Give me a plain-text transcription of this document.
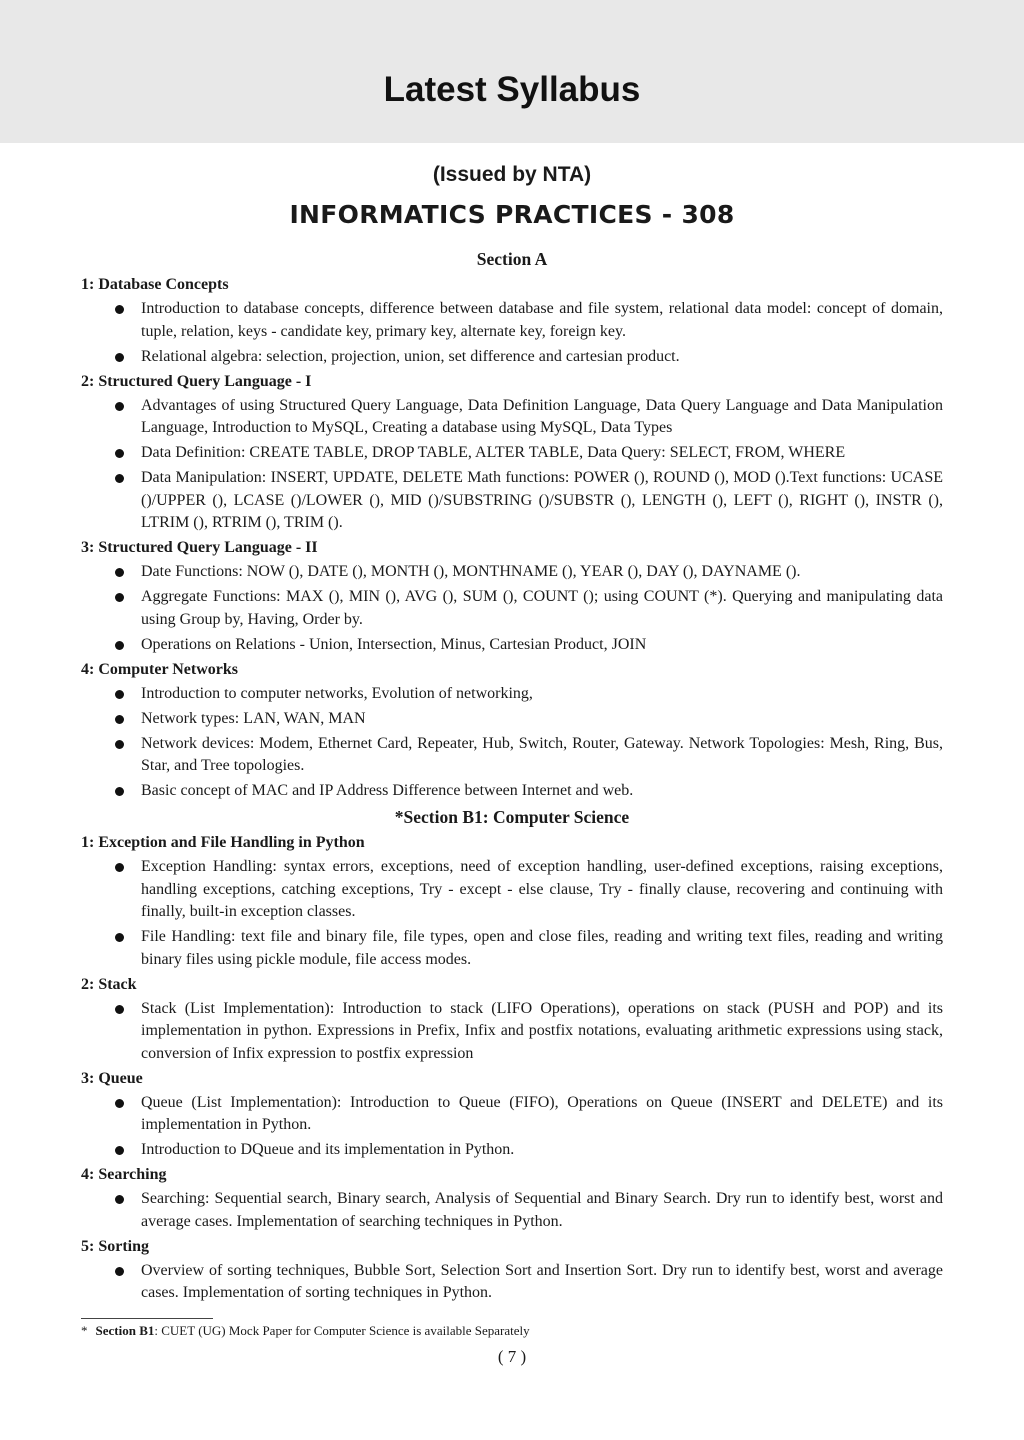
Latest Syllabus
(Issued by NTA)
INFORMATICS PRACTICES - 308
Section A
1: Database Concepts
Introduction to database concepts, difference between database and file system, relational data model: concept of domain, tuple, relation, keys - candidate key, primary key, alternate key, foreign key.
Relational algebra: selection, projection, union, set difference and cartesian product.
2: Structured Query Language - I
Advantages of using Structured Query Language, Data Definition Language, Data Query Language and Data Manipulation Language, Introduction to MySQL, Creating a database using MySQL, Data Types
Data Definition: CREATE TABLE, DROP TABLE, ALTER TABLE, Data Query: SELECT, FROM, WHERE
Data Manipulation: INSERT, UPDATE, DELETE Math functions: POWER (), ROUND (), MOD ().Text functions: UCASE ()/UPPER (), LCASE ()/LOWER (), MID ()/SUBSTRING ()/SUBSTR (), LENGTH (), LEFT (), RIGHT (), INSTR (), LTRIM (), RTRIM (), TRIM ().
3: Structured Query Language - II
Date Functions: NOW (), DATE (), MONTH (), MONTHNAME (), YEAR (), DAY (), DAYNAME ().
Aggregate Functions: MAX (), MIN (), AVG (), SUM (), COUNT (); using COUNT (*). Querying and manipulating data using Group by, Having, Order by.
Operations on Relations - Union, Intersection, Minus, Cartesian Product, JOIN
4: Computer Networks
Introduction to computer networks, Evolution of networking,
Network types: LAN, WAN, MAN
Network devices: Modem, Ethernet Card, Repeater, Hub, Switch, Router, Gateway. Network Topologies: Mesh, Ring, Bus, Star, and Tree topologies.
Basic concept of MAC and IP Address Difference between Internet and web.
*Section B1: Computer Science
1: Exception and File Handling in Python
Exception Handling: syntax errors, exceptions, need of exception handling, user-defined exceptions, raising exceptions, handling exceptions, catching exceptions, Try - except - else clause, Try - finally clause, recovering and continuing with finally, built-in exception classes.
File Handling: text file and binary file, file types, open and close files, reading and writing text files, reading and writing binary files using pickle module, file access modes.
2: Stack
Stack (List Implementation): Introduction to stack (LIFO Operations), operations on stack (PUSH and POP) and its implementation in python. Expressions in Prefix, Infix and postfix notations, evaluating arithmetic expressions using stack, conversion of Infix expression to postfix expression
3: Queue
Queue (List Implementation): Introduction to Queue (FIFO), Operations on Queue (INSERT and DELETE) and its implementation in Python.
Introduction to DQueue and its implementation in Python.
4: Searching
Searching: Sequential search, Binary search, Analysis of Sequential and Binary Search. Dry run to identify best, worst and average cases. Implementation of searching techniques in Python.
5: Sorting
Overview of sorting techniques, Bubble Sort, Selection Sort and Insertion Sort. Dry run to identify best, worst and average cases. Implementation of sorting techniques in Python.
* Section B1: CUET (UG) Mock Paper for Computer Science is available Separately
( 7 )
